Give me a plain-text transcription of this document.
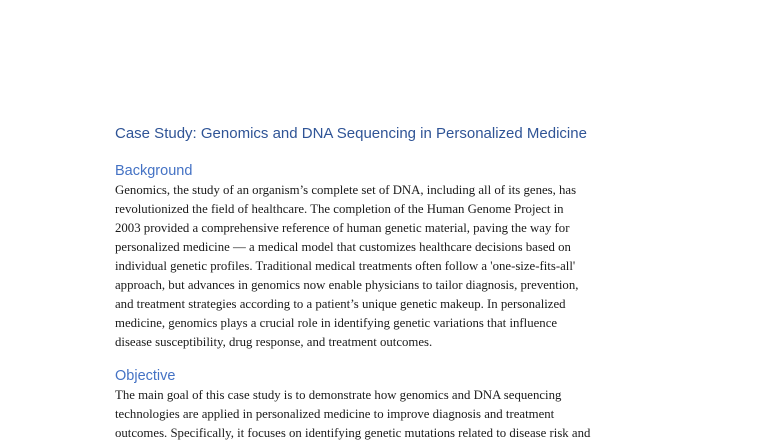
Case Study: Genomics and DNA Sequencing in Personalized Medicine
Background

Genomics, the study of an organism’s complete set of DNA, including all of its genes, has
revolutionized the field of healthcare. The completion of the Human Genome Project in
2003 provided a comprehensive reference of human genetic material, paving the way for
personalized medicine — a medical model that customizes healthcare decisions based on
individual genetic profiles. Traditional medical treatments often follow a 'one-size-fits-all'
approach, but advances in genomics now enable physicians to tailor diagnosis, prevention,
and treatment strategies according to a patient’s unique genetic makeup. In personalized
medicine, genomics plays a crucial role in identifying genetic variations that influence
disease susceptibility, drug response, and treatment outcomes.

Objective

The main goal of this case study is to demonstrate how genomics and DNA sequencing
technologies are applied in personalized medicine to improve diagnosis and treatment
outcomes. Specifically, it focuses on identifying genetic mutations related to disease risk and
